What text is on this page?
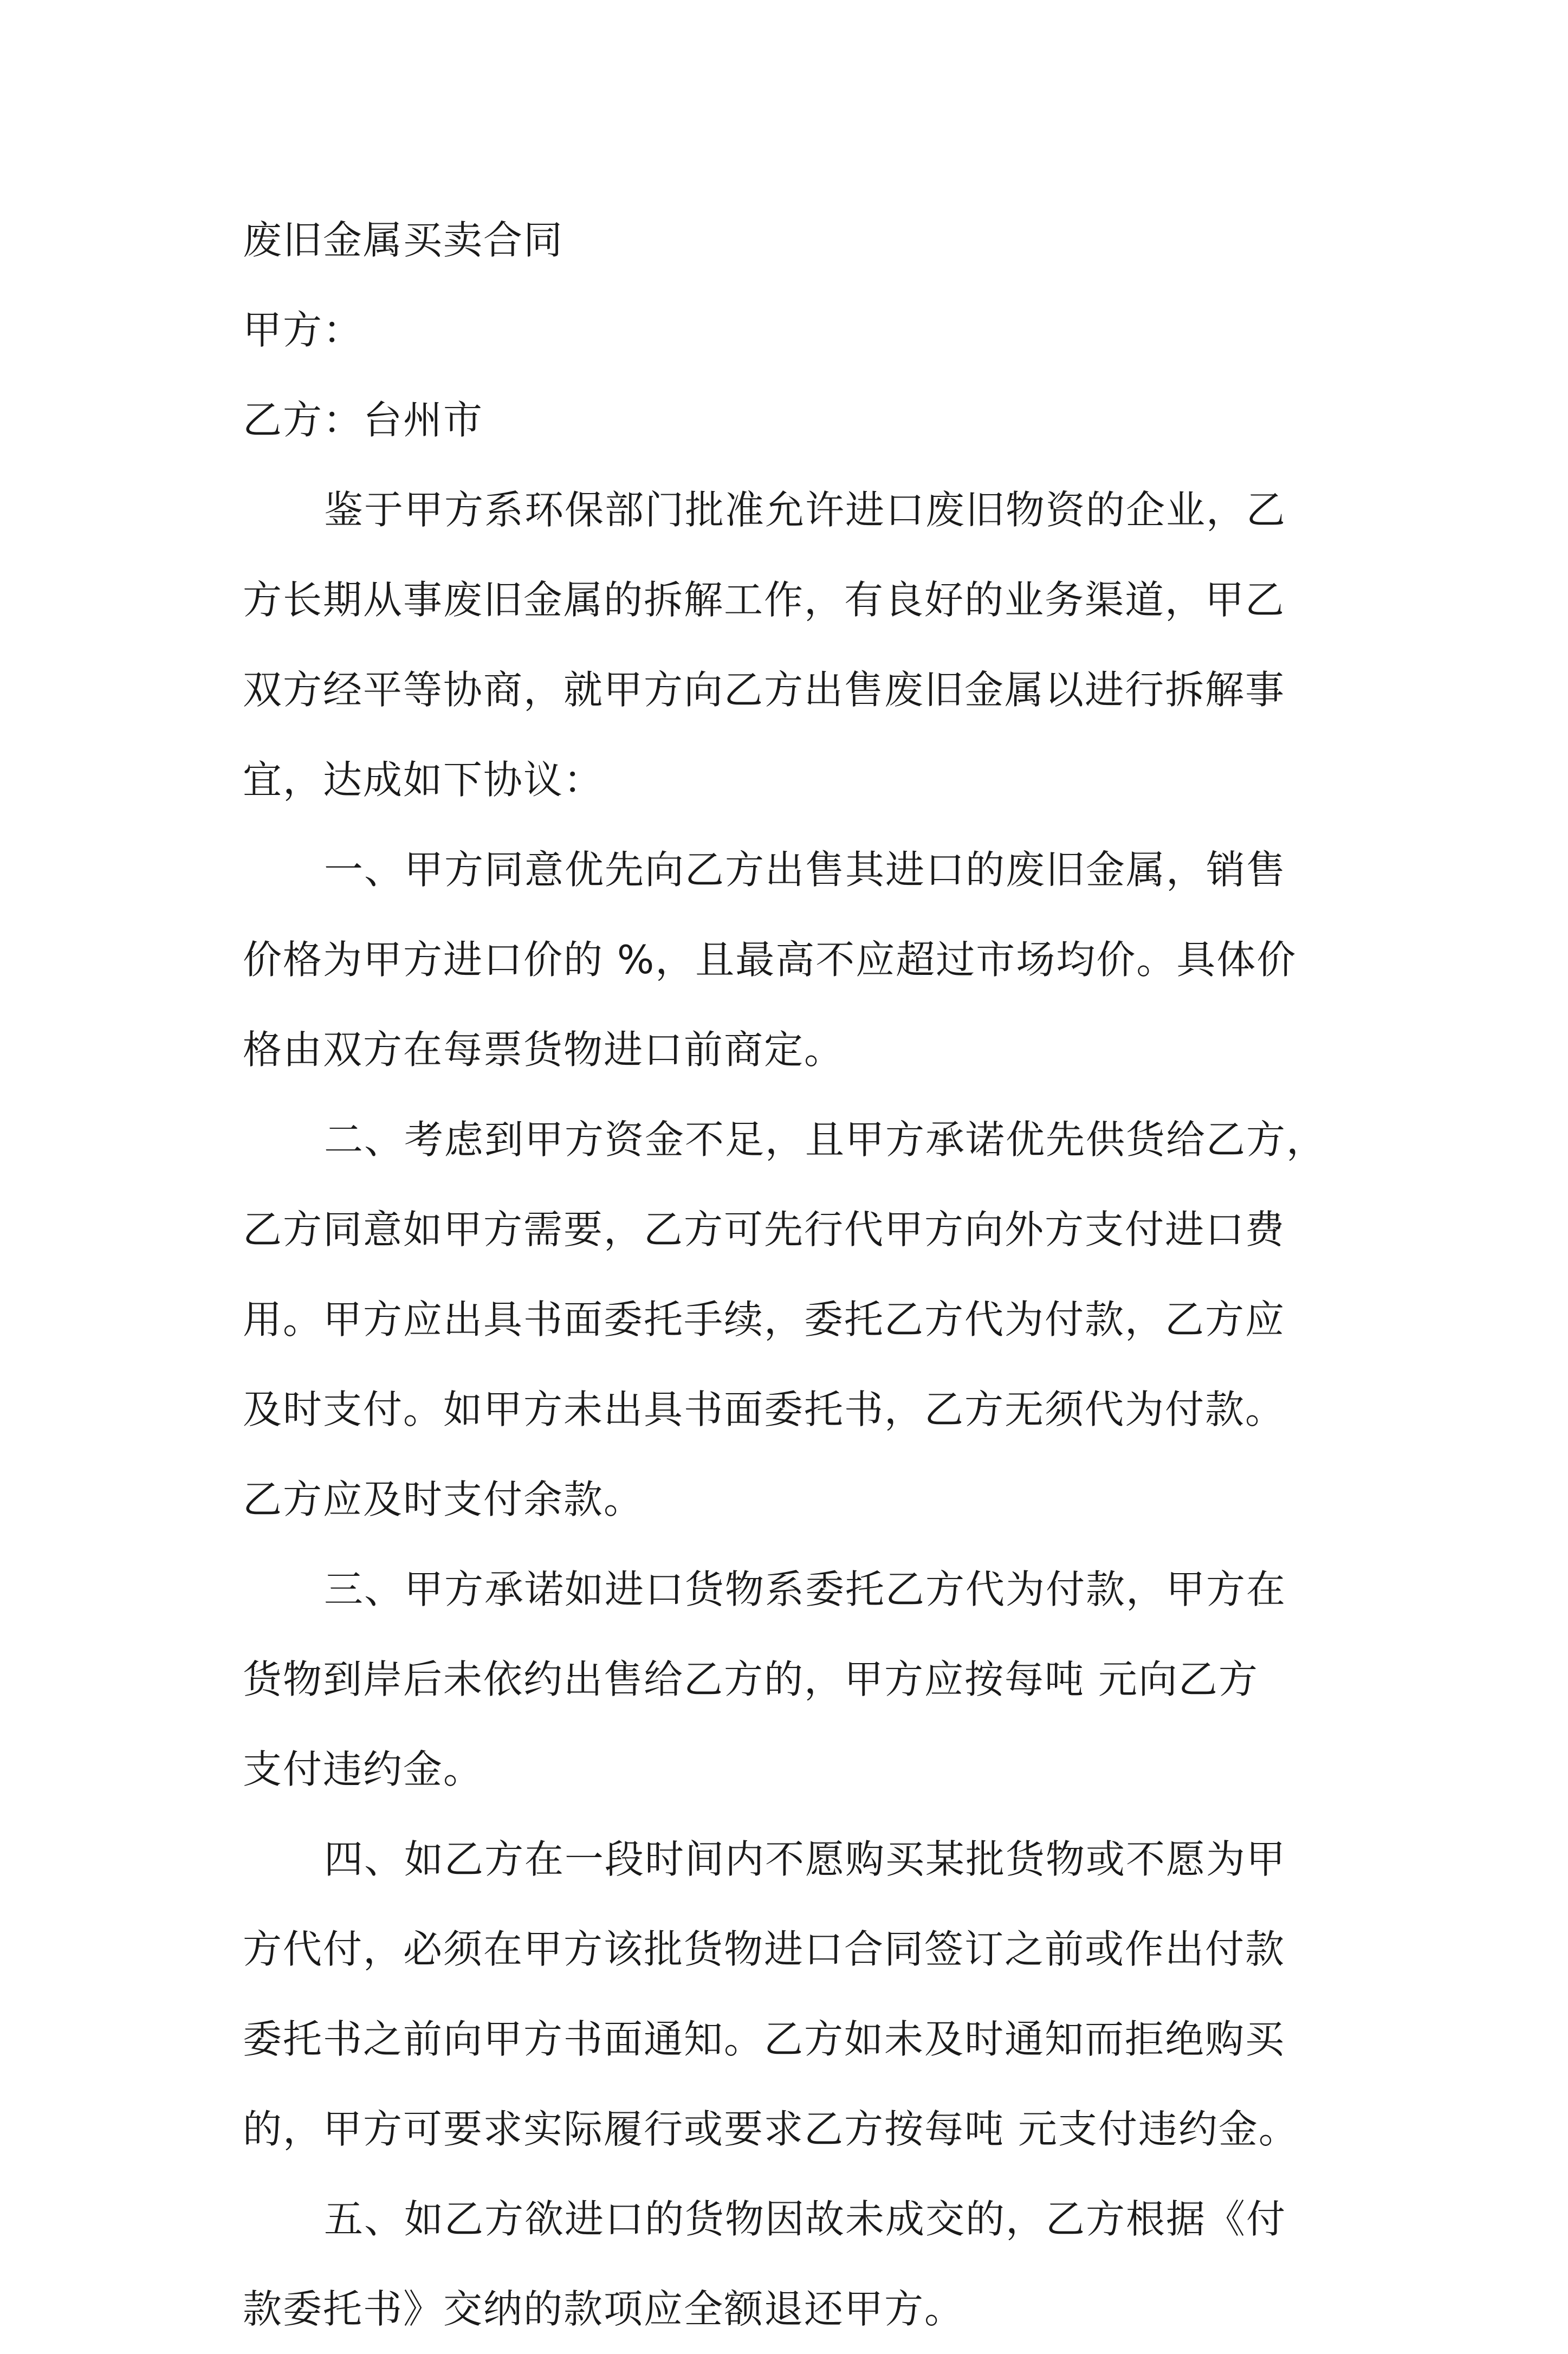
废旧金属买卖合同
甲方：
乙方：台州市
鉴于甲方系环保部门批准允许进口废旧物资的企业，乙
方长期从事废旧金属的拆解工作，有良好的业务渠道，甲乙
双方经平等协商，就甲方向乙方出售废旧金属以进行拆解事
宜，达成如下协议：
一、甲方同意优先向乙方出售其进口的废旧金属，销售
价格为甲方进口价的 %，且最高不应超过市场均价。具体价
格由双方在每票货物进口前商定。
二、考虑到甲方资金不足，且甲方承诺优先供货给乙方，
乙方同意如甲方需要，乙方可先行代甲方向外方支付进口费
用。甲方应出具书面委托手续，委托乙方代为付款，乙方应
及时支付。如甲方未出具书面委托书，乙方无须代为付款。
乙方应及时支付余款。
三、甲方承诺如进口货物系委托乙方代为付款，甲方在
货物到岸后未依约出售给乙方的，甲方应按每吨 元向乙方
支付违约金。
四、如乙方在一段时间内不愿购买某批货物或不愿为甲
方代付，必须在甲方该批货物进口合同签订之前或作出付款
委托书之前向甲方书面通知。乙方如未及时通知而拒绝购买
的，甲方可要求实际履行或要求乙方按每吨 元支付违约金。
五、如乙方欲进口的货物因故未成交的，乙方根据《付
款委托书》交纳的款项应全额退还甲方。
